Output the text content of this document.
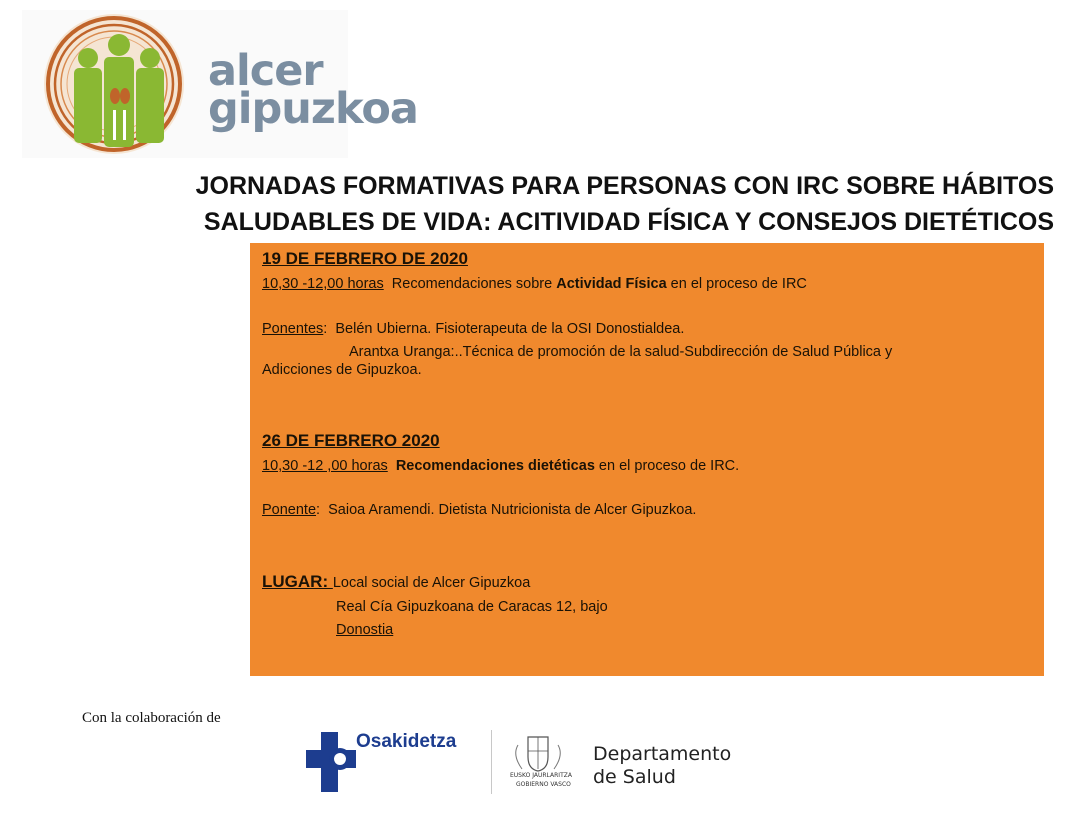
alcer
gipuzkoa
JORNADAS FORMATIVAS PARA PERSONAS CON IRC SOBRE HÁBITOS
SALUDABLES DE VIDA: ACITIVIDAD FÍSICA Y CONSEJOS DIETÉTICOS
19 DE FEBRERO DE 2020
10,30 -12,00 horas Recomendaciones sobre Actividad Física en el proceso de IRC
Ponentes:  Belén Ubierna. Fisioterapeuta de la OSI Donostialdea.
Arantxa Uranga:..Técnica de promoción de la salud-Subdirección de Salud Pública y
Adicciones de Gipuzkoa.
26 DE FEBRERO 2020
10,30 -12 ,00 horas Recomendaciones dietéticas en el proceso de IRC.
Ponente:  Saioa Aramendi. Dietista Nutricionista de Alcer Gipuzkoa.
LUGAR: Local social de Alcer Gipuzkoa
Real Cía Gipuzkoana de Caracas 12, bajo
Donostia
Con la colaboración de
Osakidetza
EUSKO JAURLARITZA
GOBIERNO VASCO
Departamento
de Salud
